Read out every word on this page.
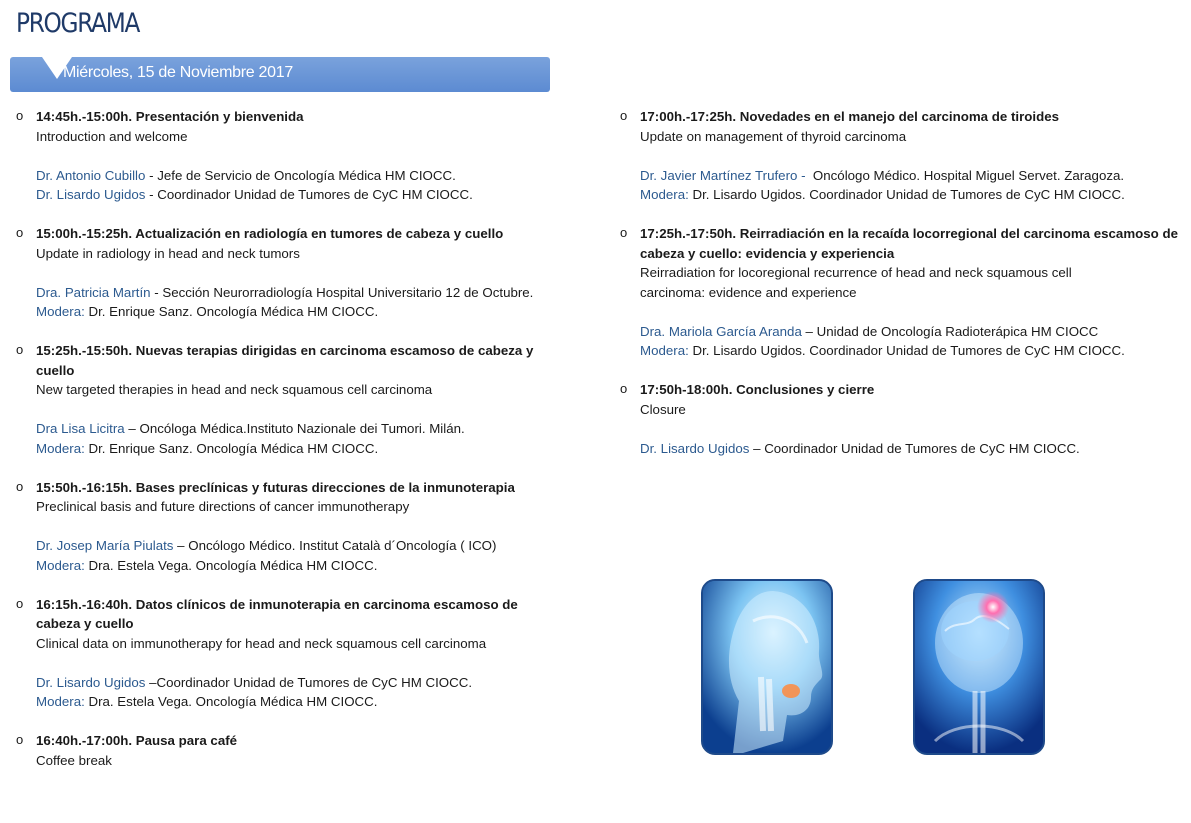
PROGRAMA
Miércoles, 15 de Noviembre 2017
o 14:45h.-15:00h. Presentación y bienvenida
Introduction and welcome
Dr. Antonio Cubillo - Jefe de Servicio de Oncología Médica HM CIOCC.
Dr. Lisardo Ugidos - Coordinador Unidad de Tumores de CyC HM CIOCC.
o 15:00h.-15:25h. Actualización en radiología en tumores de cabeza y cuello
Update in radiology in head and neck tumors
Dra. Patricia Martín - Sección Neurorradiología Hospital Universitario 12 de Octubre.
Modera: Dr. Enrique Sanz. Oncología Médica HM CIOCC.
o 15:25h.-15:50h. Nuevas terapias dirigidas en carcinoma escamoso de cabeza y cuello
New targeted therapies in head and neck squamous cell carcinoma
Dra Lisa Licitra – Oncóloga Médica.Instituto Nazionale dei Tumori. Milán.
Modera: Dr. Enrique Sanz. Oncología Médica HM CIOCC.
o 15:50h.-16:15h. Bases preclínicas y futuras direcciones de la inmunoterapia
Preclinical basis and future directions of cancer immunotherapy
Dr. Josep María Piulats – Oncólogo Médico. Institut Català d´Oncología ( ICO)
Modera: Dra. Estela Vega. Oncología Médica HM CIOCC.
o 16:15h.-16:40h. Datos clínicos de inmunoterapia en carcinoma escamoso de cabeza y cuello
Clinical data on immunotherapy for head and neck squamous cell carcinoma
Dr. Lisardo Ugidos –Coordinador Unidad de Tumores de CyC HM CIOCC.
Modera: Dra. Estela Vega. Oncología Médica HM CIOCC.
o 16:40h.-17:00h. Pausa para café
Coffee break
o 17:00h.-17:25h. Novedades en el manejo del carcinoma de tiroides
Update on management of thyroid carcinoma
Dr. Javier Martínez Trufero - Oncólogo Médico. Hospital Miguel Servet. Zaragoza.
Modera: Dr. Lisardo Ugidos. Coordinador Unidad de Tumores de CyC HM CIOCC.
o 17:25h.-17:50h. Reirradiación en la recaída locorregional del carcinoma escamoso de cabeza y cuello: evidencia y experiencia
Reirradiation for locoregional recurrence of head and neck squamous cell carcinoma: evidence and experience
Dra. Mariola García Aranda – Unidad de Oncología Radioterápica HM CIOCC
Modera: Dr. Lisardo Ugidos. Coordinador Unidad de Tumores de CyC HM CIOCC.
o 17:50h-18:00h. Conclusiones y cierre
Closure
Dr. Lisardo Ugidos – Coordinador Unidad de Tumores de CyC HM CIOCC.
